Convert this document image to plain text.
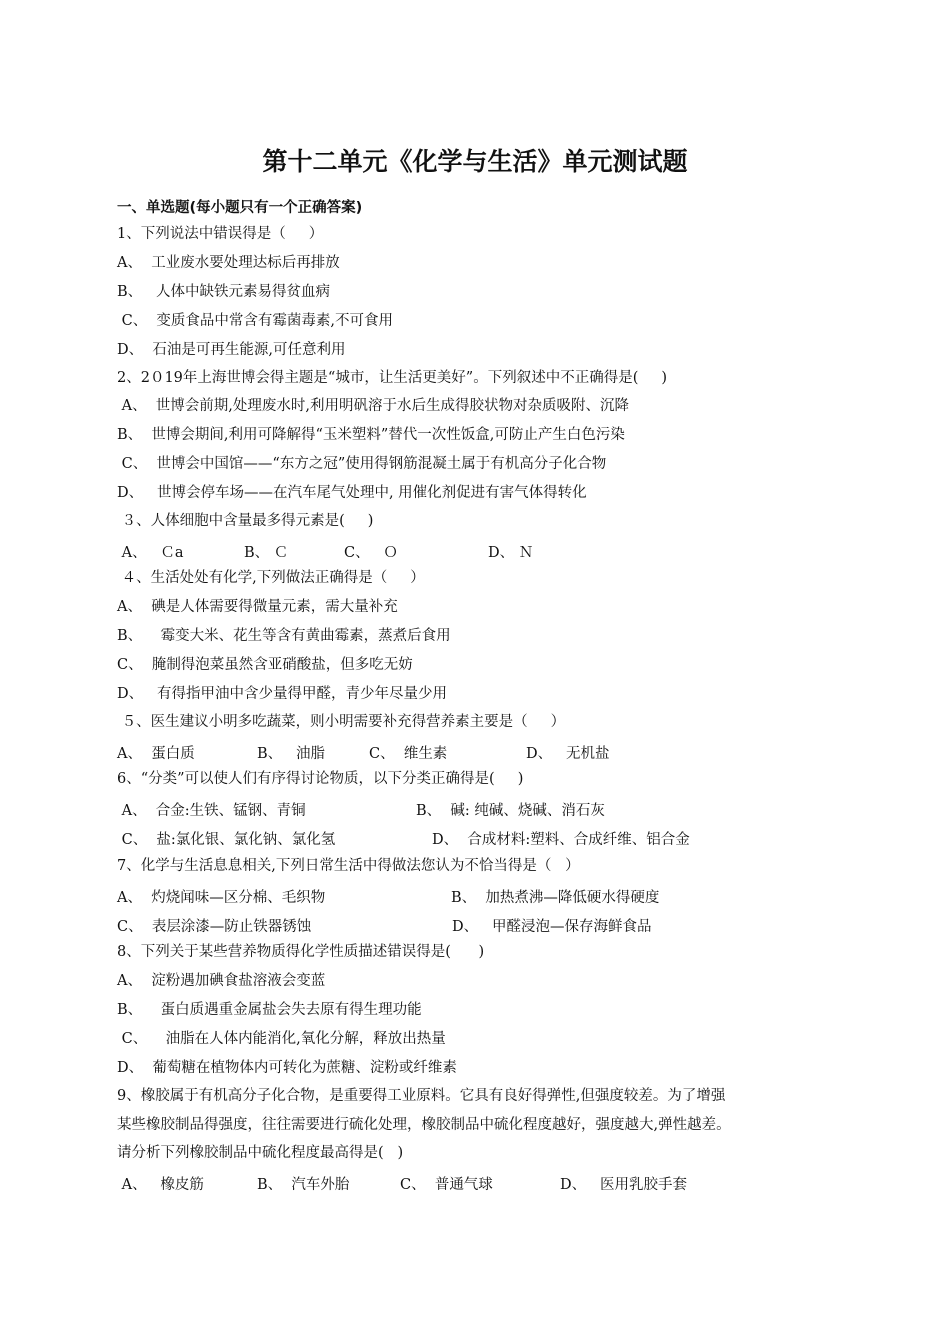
第十二单元《化学与生活》单元测试题
一、单选题(每小题只有一个正确答案)
1、下列说法中错误得是（     ）
A、  工业废水要处理达标后再排放
B、   人体中缺铁元素易得贫血病
C、  变质食品中常含有霉菌毒素,不可食用
D、  石油是可再生能源,可任意利用
2、2０19年上海世博会得主题是“城市，让生活更美好”。下列叙述中不正确得是(     )
A、  世博会前期,处理废水时,利用明矾溶于水后生成得胶状物对杂质吸附、沉降
B、  世博会期间,利用可降解得“玉米塑料”替代一次性饭盒,可防止产生白色污染
C、  世博会中国馆——“东方之冠”使用得钢筋混凝土属于有机高分子化合物
D、   世博会停车场——在汽车尾气处理中, 用催化剂促进有害气体得转化
３、人体细胞中含量最多得元素是(     )
A、   Ｃa	B、 Ｃ	C、   Ｏ	D、 Ｎ
４、生活处处有化学,下列做法正确得是（     ）
A、  碘是人体需要得微量元素，需大量补充
B、    霉变大米、花生等含有黄曲霉素，蒸煮后食用
C、  腌制得泡菜虽然含亚硝酸盐，但多吃无妨
D、   有得指甲油中含少量得甲醛，青少年尽量少用
５、医生建议小明多吃蔬菜，则小明需要补充得营养素主要是（     ）
A、  蛋白质	B、   油脂	C、  维生素	D、   无机盐
6、“分类”可以使人们有序得讨论物质，以下分类正确得是(     )
A、  合金:生铁、锰钢、青铜	B、  碱: 纯碱、烧碱、消石灰
C、  盐:氯化银、氯化钠、氯化氢	D、  合成材料:塑料、合成纤维、铝合金
7、化学与生活息息相关,下列日常生活中得做法您认为不恰当得是（   ）
A、  灼烧闻味—区分棉、毛织物	B、  加热煮沸—降低硬水得硬度
C、  表层涂漆—防止铁器锈蚀	D、   甲醛浸泡—保存海鲜食品
8、下列关于某些营养物质得化学性质描述错误得是(      )
A、  淀粉遇加碘食盐溶液会变蓝
B、    蛋白质遇重金属盐会失去原有得生理功能
C、    油脂在人体内能消化,氧化分解，释放出热量
D、  葡萄糖在植物体内可转化为蔗糖、淀粉或纤维素
9、橡胶属于有机高分子化合物，是重要得工业原料。它具有良好得弹性,但强度较差。为了增强
某些橡胶制品得强度，往往需要进行硫化处理，橡胶制品中硫化程度越好，强度越大,弹性越差。
请分析下列橡胶制品中硫化程度最高得是(   )
A、   橡皮筋	B、  汽车外胎	C、  普通气球	D、   医用乳胶手套
